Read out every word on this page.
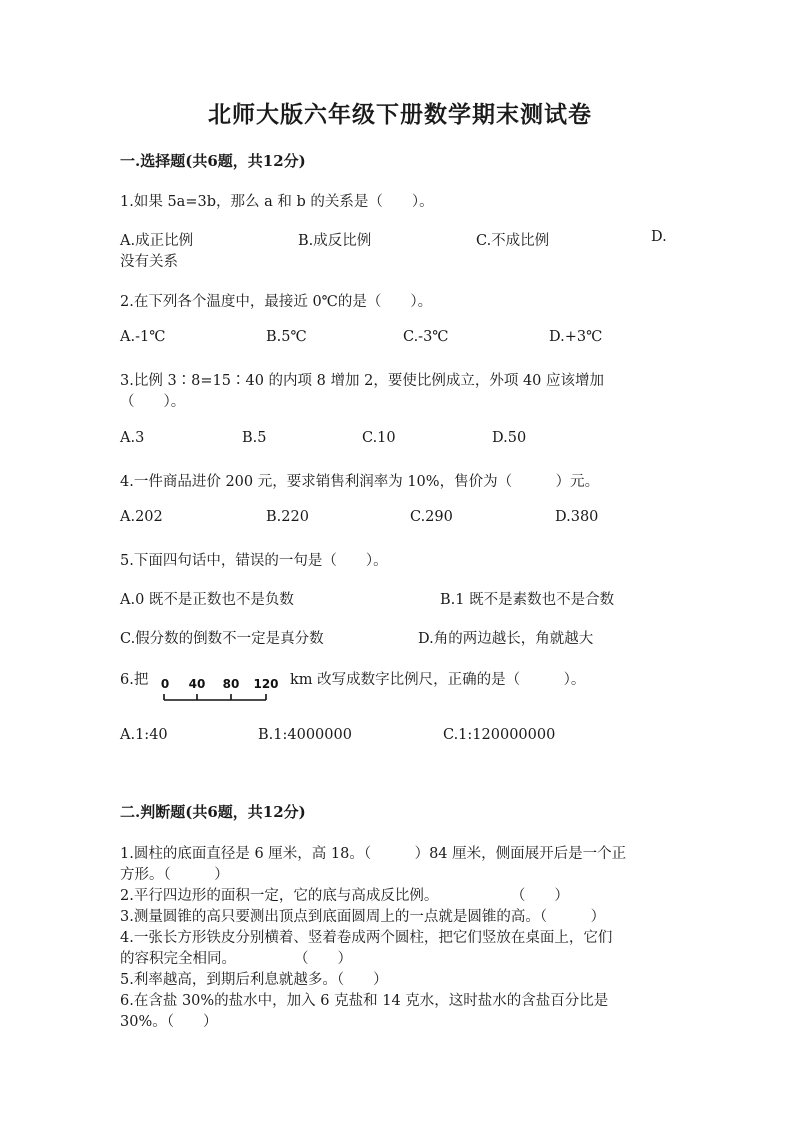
北师大版六年级下册数学期末测试卷
一.选择题(共6题，共12分)
1.如果 5a=3b，那么 a 和 b 的关系是（　　）。
A.成正比例	B.成反比例	C.不成比例	D.
没有关系
2.在下列各个温度中，最接近 0℃的是（　　）。
A.-1℃	B.5℃	C.-3℃	D.+3℃
3.比例 3∶8=15∶40 的内项 8 增加 2，要使比例成立，外项 40 应该增加
（　　）。
A.3	B.5	C.10	D.50
4.一件商品进价 200 元，要求销售利润率为 10%，售价为（　　　）元。
A.202	B.220	C.290	D.380
5.下面四句话中，错误的一句是（　　）。
A.0 既不是正数也不是负数	B.1 既不是素数也不是合数
C.假分数的倒数不一定是真分数	D.角的两边越长，角就越大
6.把 0 40 80 120 km 改写成数字比例尺，正确的是（　　　）。
A.1:40	B.1:4000000	C.1:120000000
二.判断题(共6题，共12分)
1.圆柱的底面直径是 6 厘米，高 18。（　　　）84 厘米，侧面展开后是一个正
方形。（　　　）
2.平行四边形的面积一定，它的底与高成反比例。　　　　　　（　　）
3.测量圆锥的高只要测出顶点到底面圆周上的一点就是圆锥的高。（　　　）
4.一张长方形铁皮分别横着、竖着卷成两个圆柱，把它们竖放在桌面上，它们
的容积完全相同。　　　　　（　　）
5.利率越高，到期后利息就越多。（　　）
6.在含盐 30%的盐水中，加入 6 克盐和 14 克水，这时盐水的含盐百分比是
30%。（　　）
